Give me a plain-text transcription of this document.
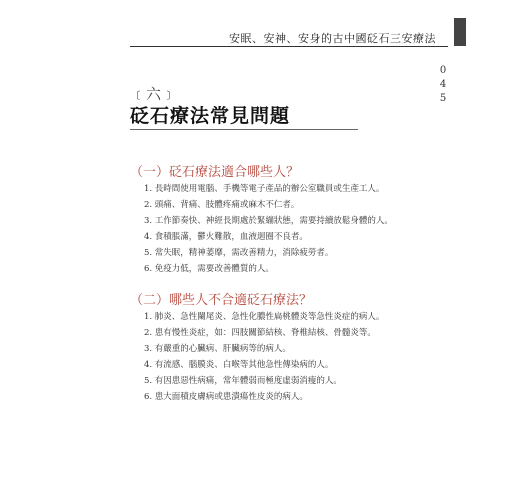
安眠、安神、安身的古中國砭石三安療法
0
4
5
﹝六﹞
砭石療法常見問題
（一）砭石療法適合哪些人？
1. 長時間使用電腦、手機等電子產品的辦公室職員或生產工人。
2. 頭痛、背痛、肢體疼痛或麻木不仁者。
3. 工作節奏快、神經長期處於緊繃狀態，需要持續放鬆身體的人。
4. 食積脹滿，鬱火難散，血液迴圈不良者。
5. 常失眠，精神萎靡，需改善精力，消除疲勞者。
6. 免疫力低，需要改善體質的人。
（二）哪些人不合適砭石療法？
1. 肺炎、急性闌尾炎、急性化膿性扁桃體炎等急性炎症的病人。
2. 患有慢性炎症，如：四肢關節結核、脊椎結核、骨髓炎等。
3. 有嚴重的心臟病、肝臟病等的病人。
4. 有流感、腦膜炎、白喉等其他急性傳染病的人。
5. 有因患惡性病痛，常年體弱而極度虛弱消瘦的人。
6. 患大面積皮膚病或患潰瘍性皮炎的病人。
